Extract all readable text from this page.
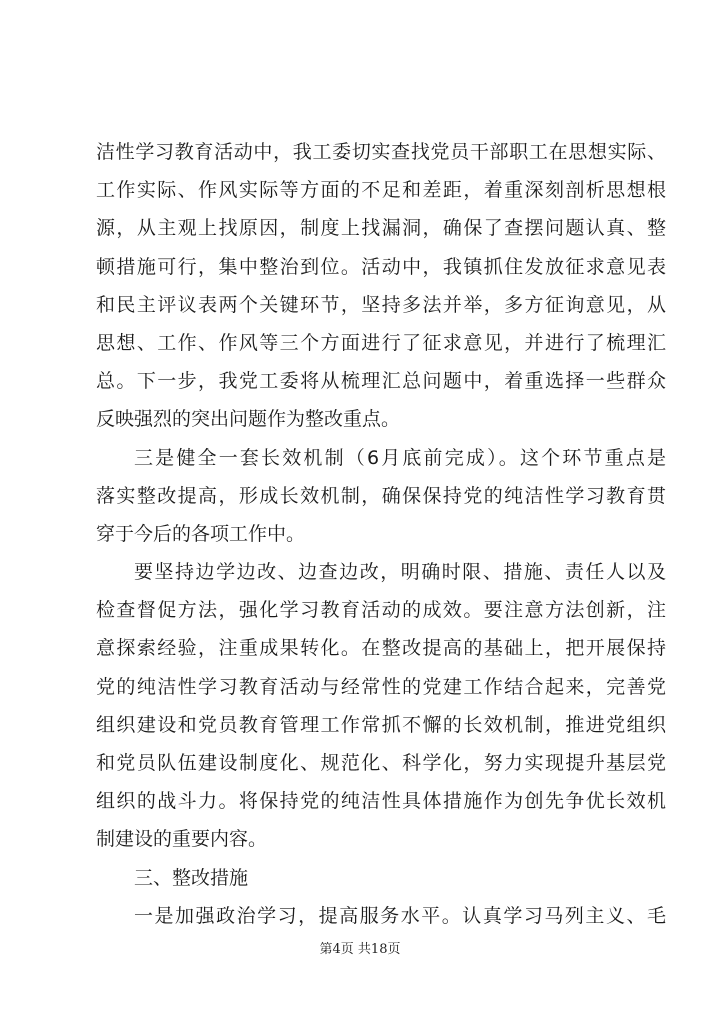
洁性学习教育活动中，我工委切实查找党员干部职工在思想实际、
工作实际、作风实际等方面的不足和差距，着重深刻剖析思想根
源，从主观上找原因，制度上找漏洞，确保了查摆问题认真、整
顿措施可行，集中整治到位。活动中，我镇抓住发放征求意见表
和民主评议表两个关键环节，坚持多法并举，多方征询意见，从
思想、工作、作风等三个方面进行了征求意见，并进行了梳理汇
总。下一步，我党工委将从梳理汇总问题中，着重选择一些群众
反映强烈的突出问题作为整改重点。
三是健全一套长效机制（6月底前完成）。这个环节重点是
落实整改提高，形成长效机制，确保保持党的纯洁性学习教育贯
穿于今后的各项工作中。
要坚持边学边改、边查边改，明确时限、措施、责任人以及
检查督促方法，强化学习教育活动的成效。要注意方法创新，注
意探索经验，注重成果转化。在整改提高的基础上，把开展保持
党的纯洁性学习教育活动与经常性的党建工作结合起来，完善党
组织建设和党员教育管理工作常抓不懈的长效机制，推进党组织
和党员队伍建设制度化、规范化、科学化，努力实现提升基层党
组织的战斗力。将保持党的纯洁性具体措施作为创先争优长效机
制建设的重要内容。
三、整改措施
一是加强政治学习，提高服务水平。认真学习马列主义、毛
第4页 共18页
